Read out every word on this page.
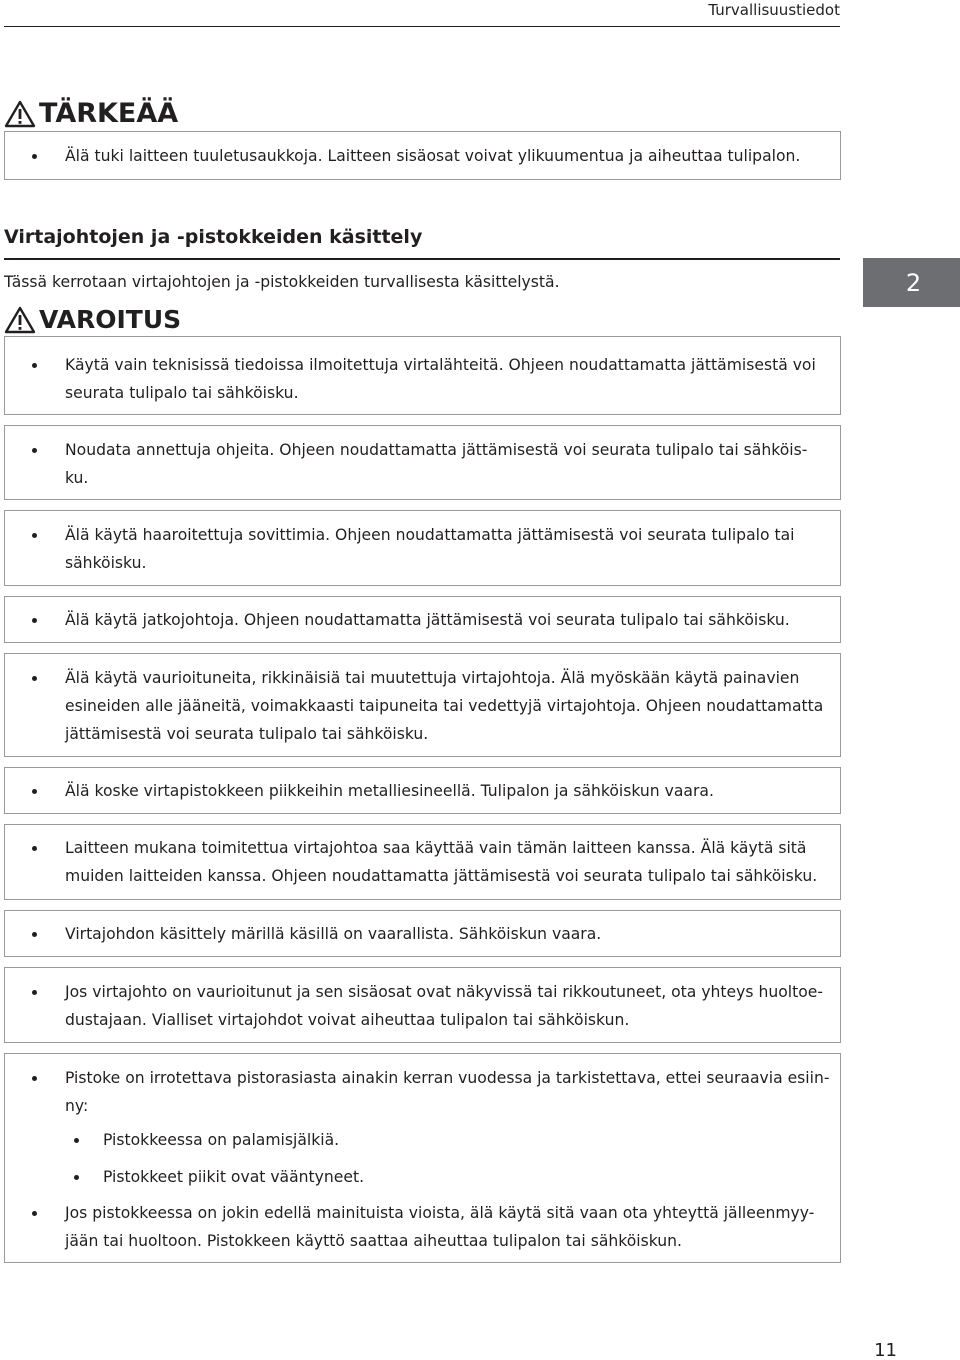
Turvallisuustiedot
TÄRKEÄÄ
Älä tuki laitteen tuuletusaukkoja. Laitteen sisäosat voivat ylikuumentua ja aiheuttaa tulipalon.
Virtajohtojen ja -pistokkeiden käsittely
Tässä kerrotaan virtajohtojen ja -pistokkeiden turvallisesta käsittelystä.	2
VAROITUS
Käytä vain teknisissä tiedoissa ilmoitettuja virtalähteitä. Ohjeen noudattamatta jättämisestä voi
seurata tulipalo tai sähköisku.
Noudata annettuja ohjeita. Ohjeen noudattamatta jättämisestä voi seurata tulipalo tai sähköis-
ku.
Älä käytä haaroitettuja sovittimia. Ohjeen noudattamatta jättämisestä voi seurata tulipalo tai
sähköisku.
Älä käytä jatkojohtoja. Ohjeen noudattamatta jättämisestä voi seurata tulipalo tai sähköisku.
Älä käytä vaurioituneita, rikkinäisiä tai muutettuja virtajohtoja. Älä myöskään käytä painavien
esineiden alle jääneitä, voimakkaasti taipuneita tai vedettyjä virtajohtoja. Ohjeen noudattamatta
jättämisestä voi seurata tulipalo tai sähköisku.
Älä koske virtapistokkeen piikkeihin metalliesineellä. Tulipalon ja sähköiskun vaara.
Laitteen mukana toimitettua virtajohtoa saa käyttää vain tämän laitteen kanssa. Älä käytä sitä
muiden laitteiden kanssa. Ohjeen noudattamatta jättämisestä voi seurata tulipalo tai sähköisku.
Virtajohdon käsittely märillä käsillä on vaarallista. Sähköiskun vaara.
Jos virtajohto on vaurioitunut ja sen sisäosat ovat näkyvissä tai rikkoutuneet, ota yhteys huoltoe-
dustajaan. Vialliset virtajohdot voivat aiheuttaa tulipalon tai sähköiskun.
Pistoke on irrotettava pistorasiasta ainakin kerran vuodessa ja tarkistettava, ettei seuraavia esiin-
ny:
Pistokkeessa on palamisjälkiä.
Pistokkeet piikit ovat vääntyneet.
Jos pistokkeessa on jokin edellä mainituista vioista, älä käytä sitä vaan ota yhteyttä jälleenmyy-
jään tai huoltoon. Pistokkeen käyttö saattaa aiheuttaa tulipalon tai sähköiskun.
11
